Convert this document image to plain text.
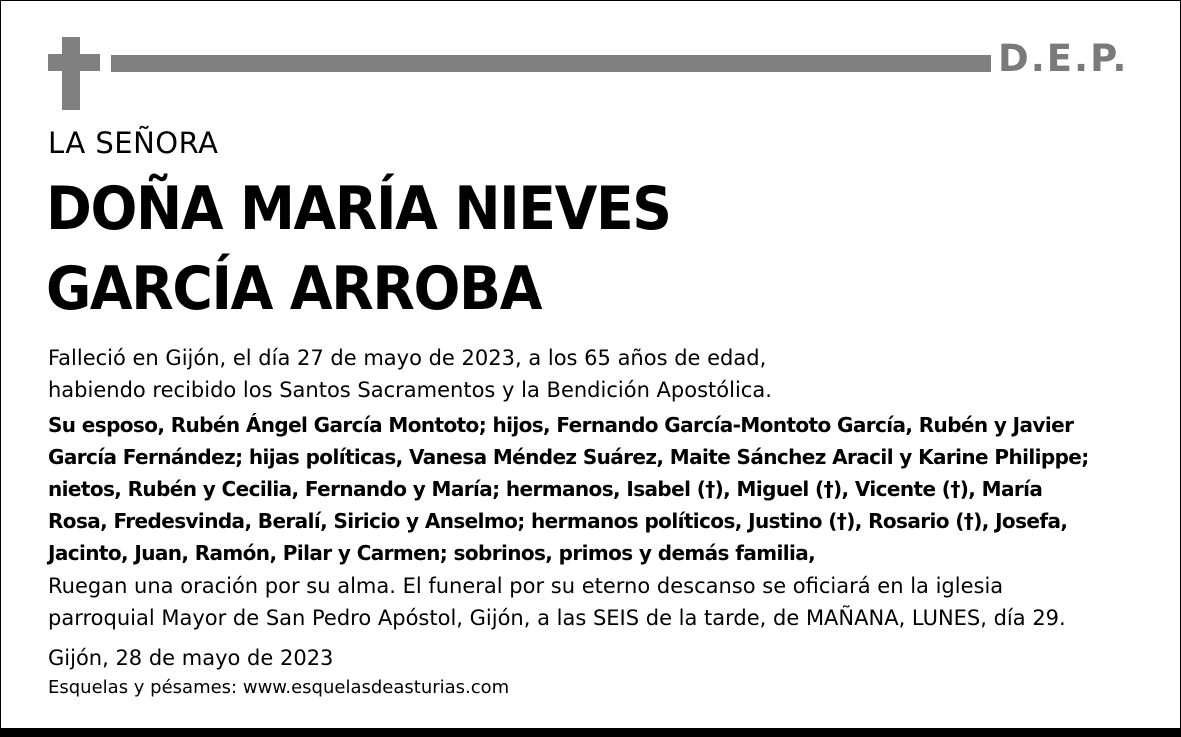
D.E.P.
LA SEÑORA
DOÑA MARÍA NIEVES
GARCÍA ARROBA
Falleció en Gijón, el día 27 de mayo de 2023, a los 65 años de edad,
habiendo recibido los Santos Sacramentos y la Bendición Apostólica.
Su esposo, Rubén Ángel García Montoto; hijos, Fernando García-Montoto García, Rubén y Javier
García Fernández; hijas políticas, Vanesa Méndez Suárez, Maite Sánchez Aracil y Karine Philippe;
nietos, Rubén y Cecilia, Fernando y María; hermanos, Isabel (†), Miguel (†), Vicente (†), María
Rosa, Fredesvinda, Beralí, Siricio y Anselmo; hermanos políticos, Justino (†), Rosario (†), Josefa,
Jacinto, Juan, Ramón, Pilar y Carmen; sobrinos, primos y demás familia,
Ruegan una oración por su alma. El funeral por su eterno descanso se oficiará en la iglesia
parroquial Mayor de San Pedro Apóstol, Gijón, a las SEIS de la tarde, de MAÑANA, LUNES, día 29.
Gijón, 28 de mayo de 2023
Esquelas y pésames: www.esquelasdeasturias.com
